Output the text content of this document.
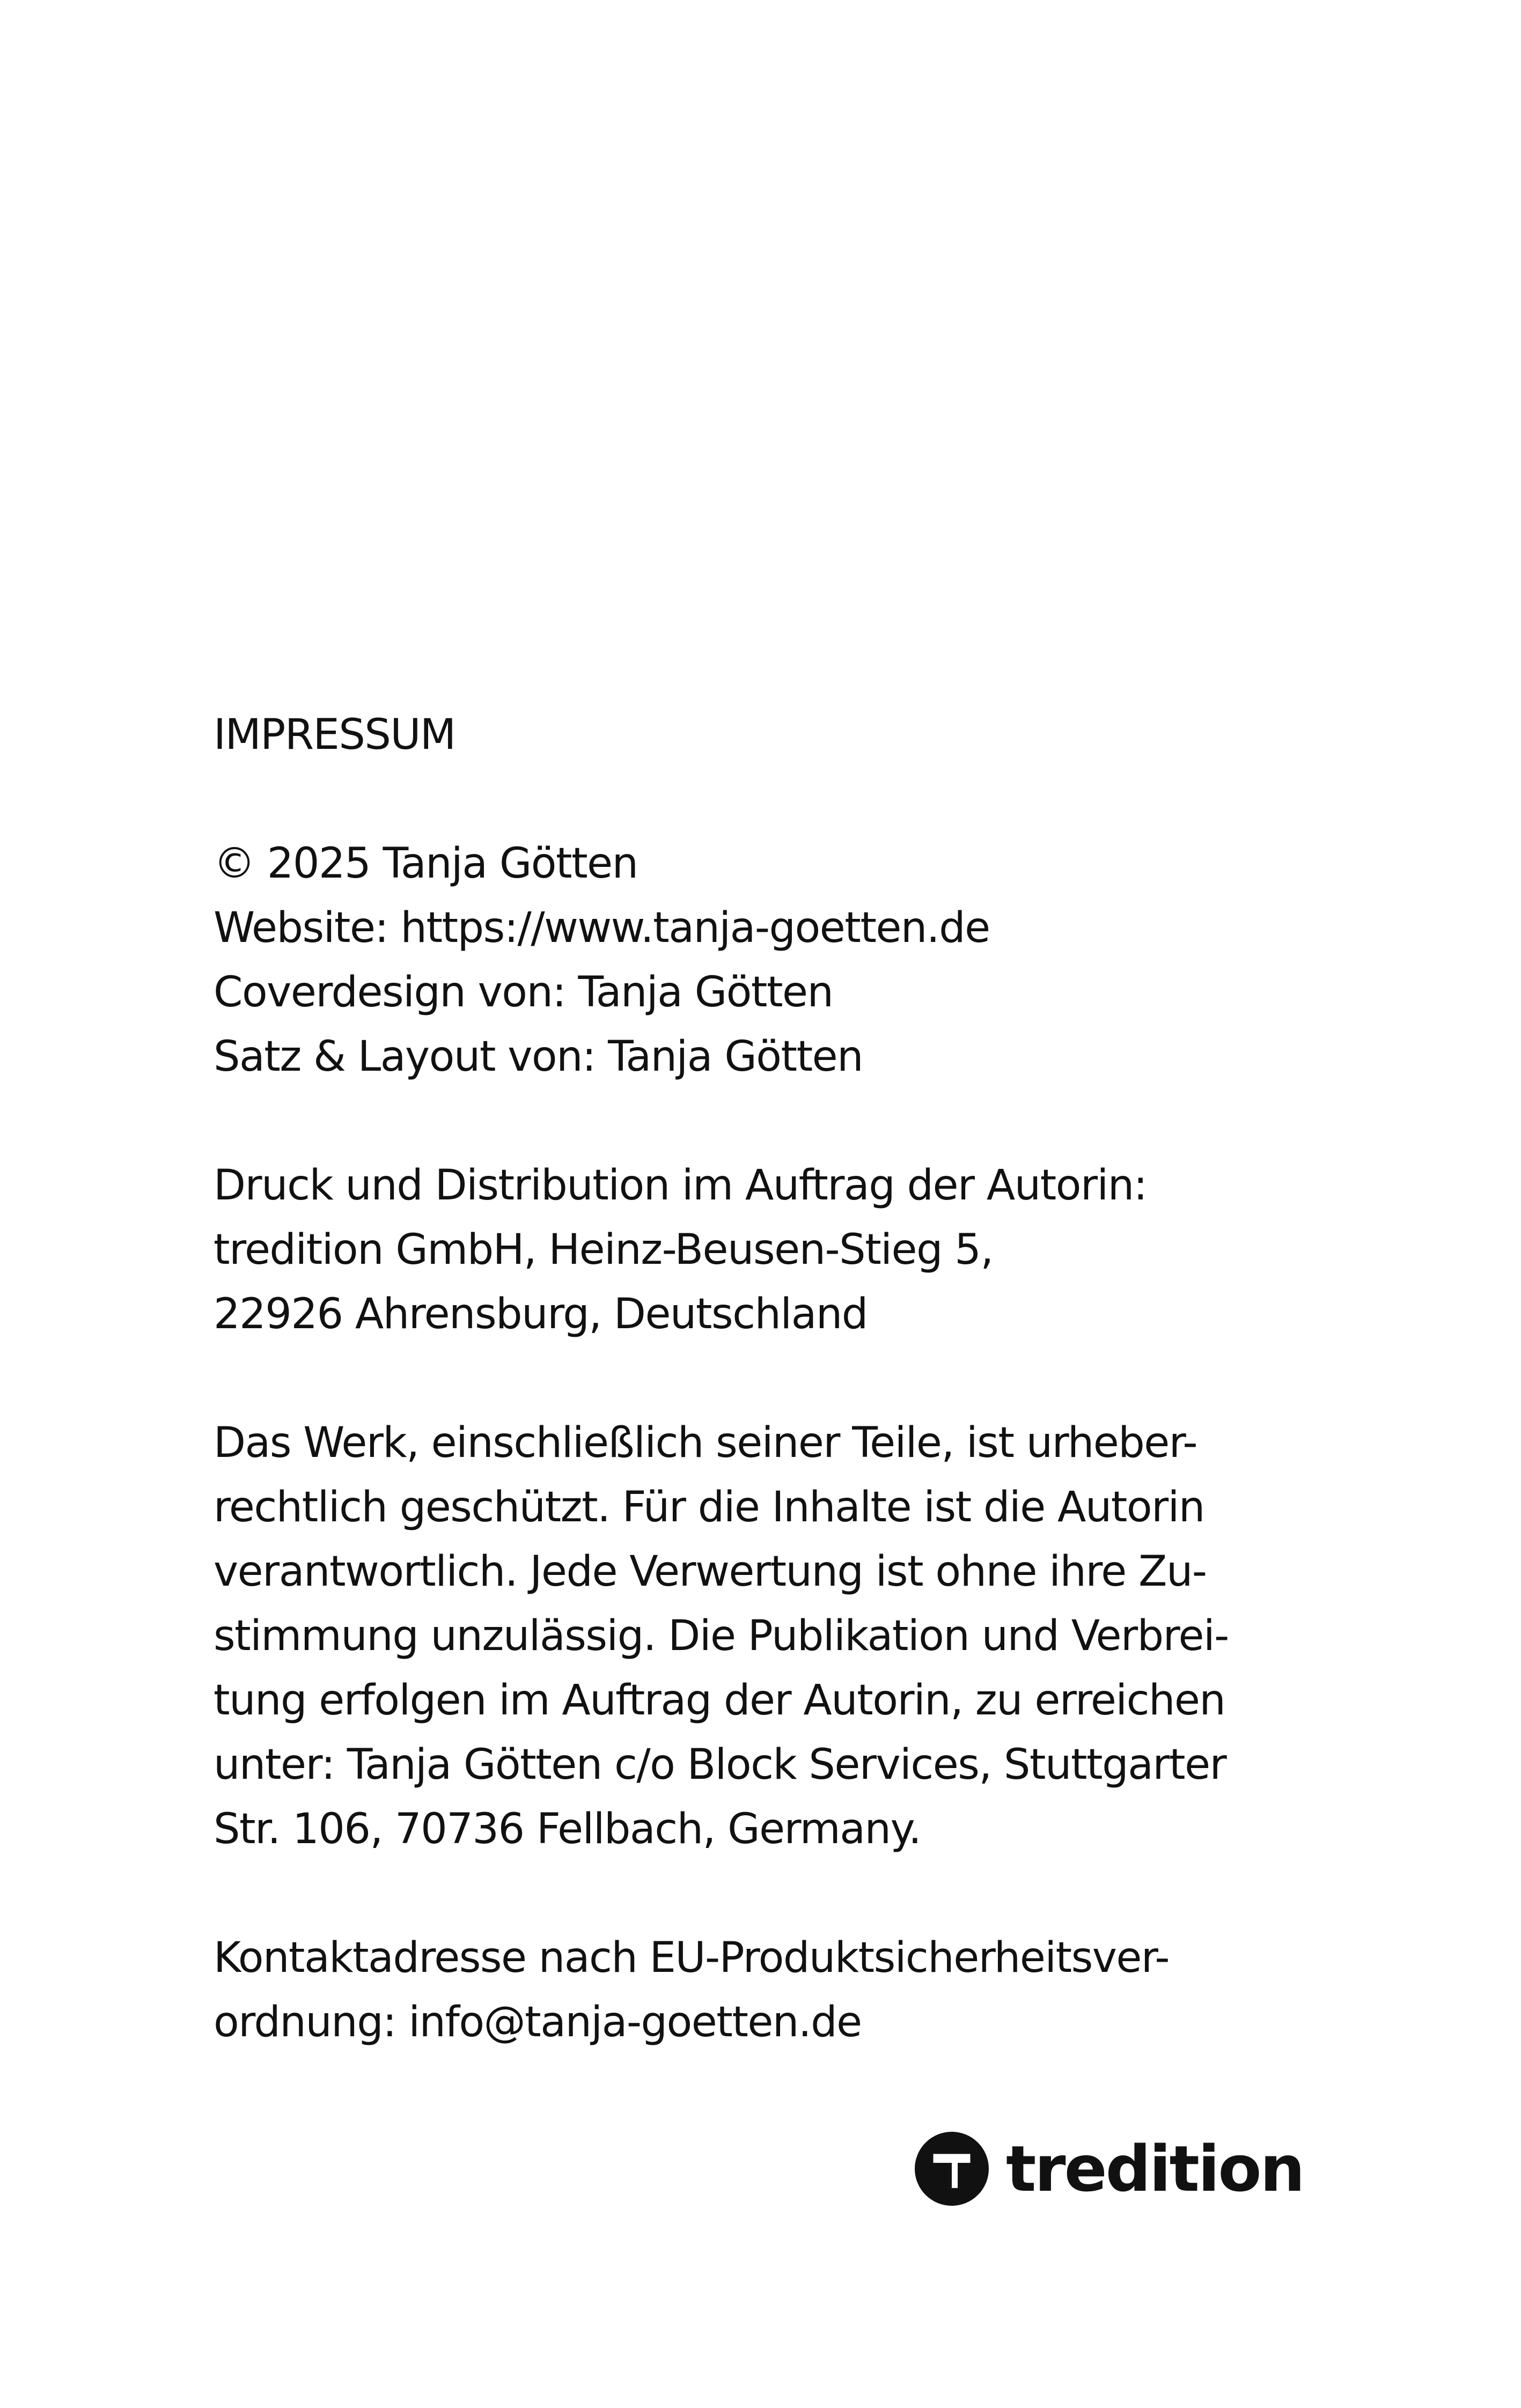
IMPRESSUM
© 2025 Tanja Götten
Website: https://www.tanja-goetten.de
Coverdesign von: Tanja Götten
Satz & Layout von: Tanja Götten
Druck und Distribution im Auftrag der Autorin:
tredition GmbH, Heinz-Beusen-Stieg 5,
22926 Ahrensburg, Deutschland
Das Werk, einschließlich seiner Teile, ist urheber-
rechtlich geschützt. Für die Inhalte ist die Autorin
verantwortlich. Jede Verwertung ist ohne ihre Zu-
stimmung unzulässig. Die Publikation und Verbrei-
tung erfolgen im Auftrag der Autorin, zu erreichen
unter: Tanja Götten c/o Block Services, Stuttgarter
Str. 106, 70736 Fellbach, Germany.
Kontaktadresse nach EU-Produktsicherheitsver-
ordnung: info@tanja-goetten.de
tredition
